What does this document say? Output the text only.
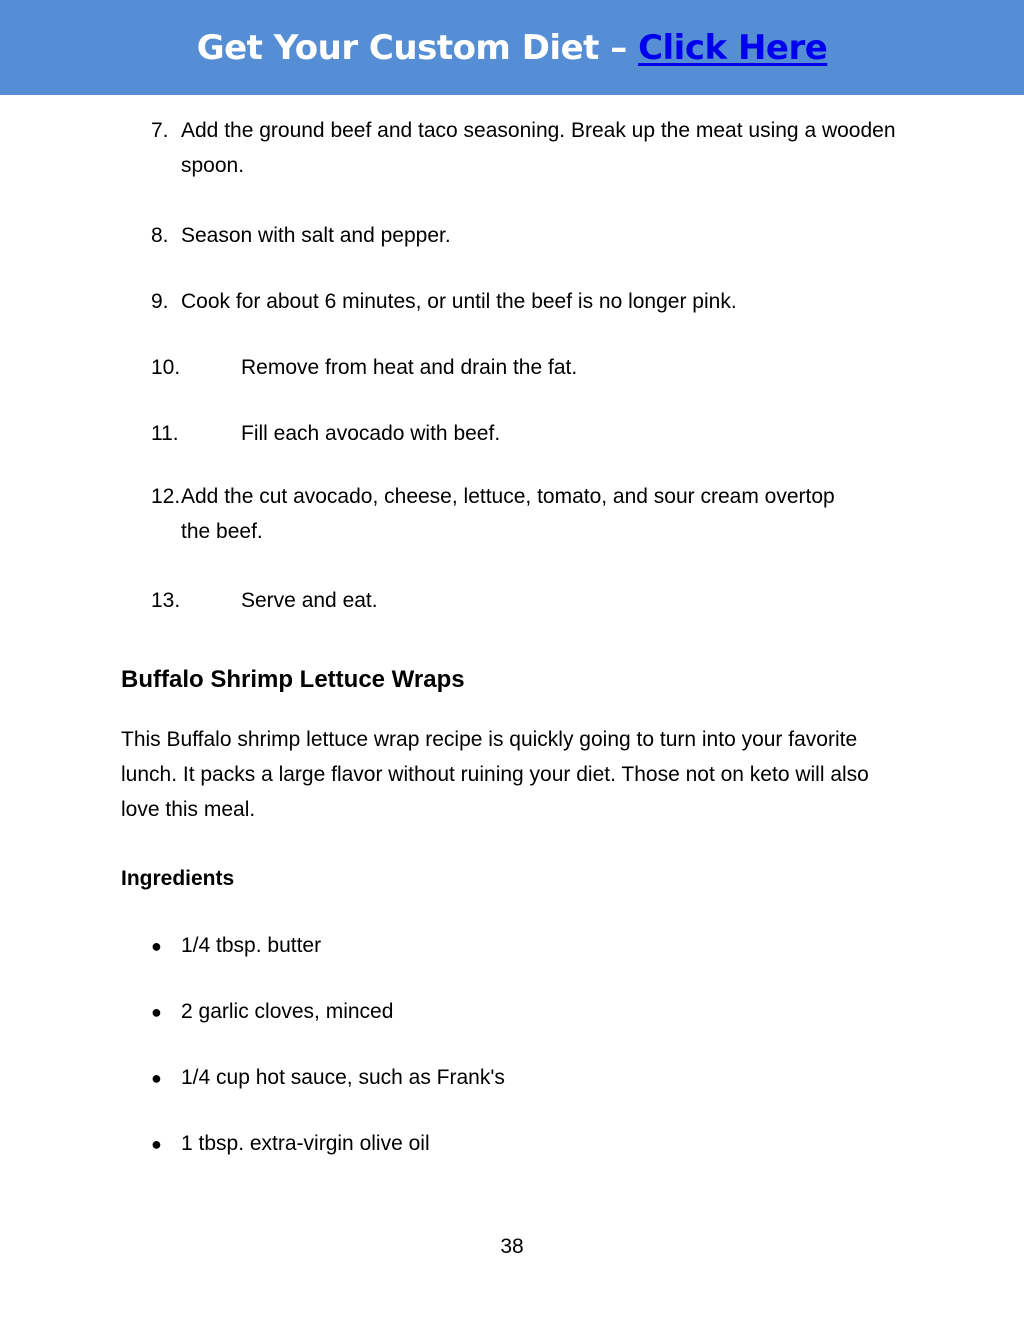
Get Your Custom Diet – Click Here
7. Add the ground beef and taco seasoning. Break up the meat using a wooden spoon.
8. Season with salt and pepper.
9. Cook for about 6 minutes, or until the beef is no longer pink.
10.	Remove from heat and drain the fat.
11.	Fill each avocado with beef.
12. Add the cut avocado, cheese, lettuce, tomato, and sour cream overtop the beef.
13.	Serve and eat.
Buffalo Shrimp Lettuce Wraps
This Buffalo shrimp lettuce wrap recipe is quickly going to turn into your favorite lunch. It packs a large flavor without ruining your diet. Those not on keto will also love this meal.
Ingredients
● 1/4 tbsp. butter
● 2 garlic cloves, minced
● 1/4 cup hot sauce, such as Frank's
● 1 tbsp. extra-virgin olive oil
38
